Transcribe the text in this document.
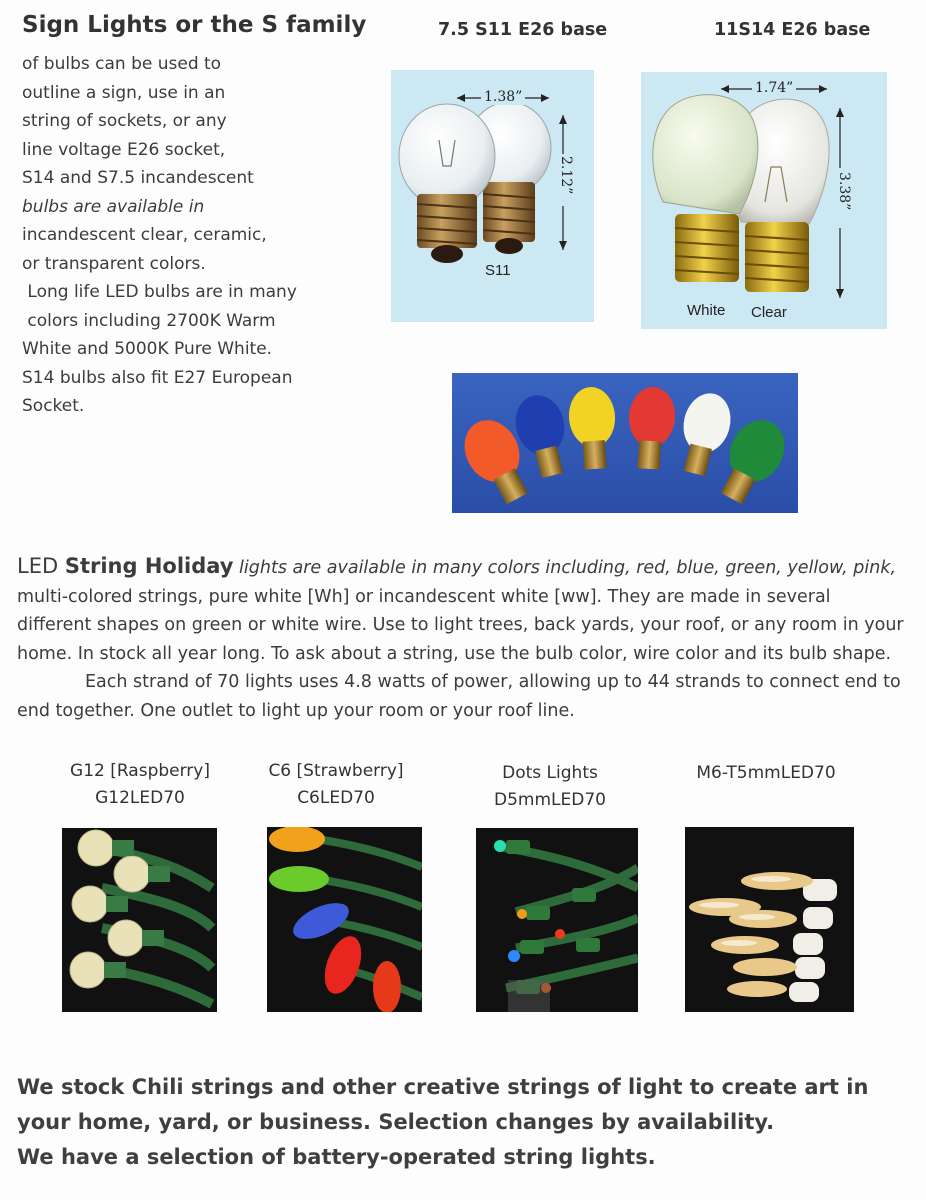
Sign Lights or the S family
of bulbs can be used to
outline a sign, use in an
string of sockets, or any
line voltage E26 socket,
S14 and S7.5 incandescent
bulbs are available in
incandescent clear, ceramic,
or transparent colors.
Long life LED bulbs are in many
colors including 2700K Warm
White and 5000K Pure White.
S14 bulbs also fit E27 European
Socket.
7.5 S11 E26 base	11S14 E26 base
1.38”
2.12”
S11
1.74”
3.38”
White Clear
LED String Holiday lights are available in many colors including, red, blue, green, yellow, pink,
multi-colored strings, pure white [Wh] or incandescent white [ww]. They are made in several
different shapes on green or white wire. Use to light trees, back yards, your roof, or any room in your
home. In stock all year long. To ask about a string, use the bulb color, wire color and its bulb shape.
Each strand of 70 lights uses 4.8 watts of power, allowing up to 44 strands to connect end to
end together. One outlet to light up your room or your roof line.
G12 [Raspberry]
G12LED70
C6 [Strawberry]
C6LED70
Dots Lights
D5mmLED70
M6-T5mmLED70
We stock Chili strings and other creative strings of light to create art in
your home, yard, or business. Selection changes by availability.
We have a selection of battery-operated string lights.
